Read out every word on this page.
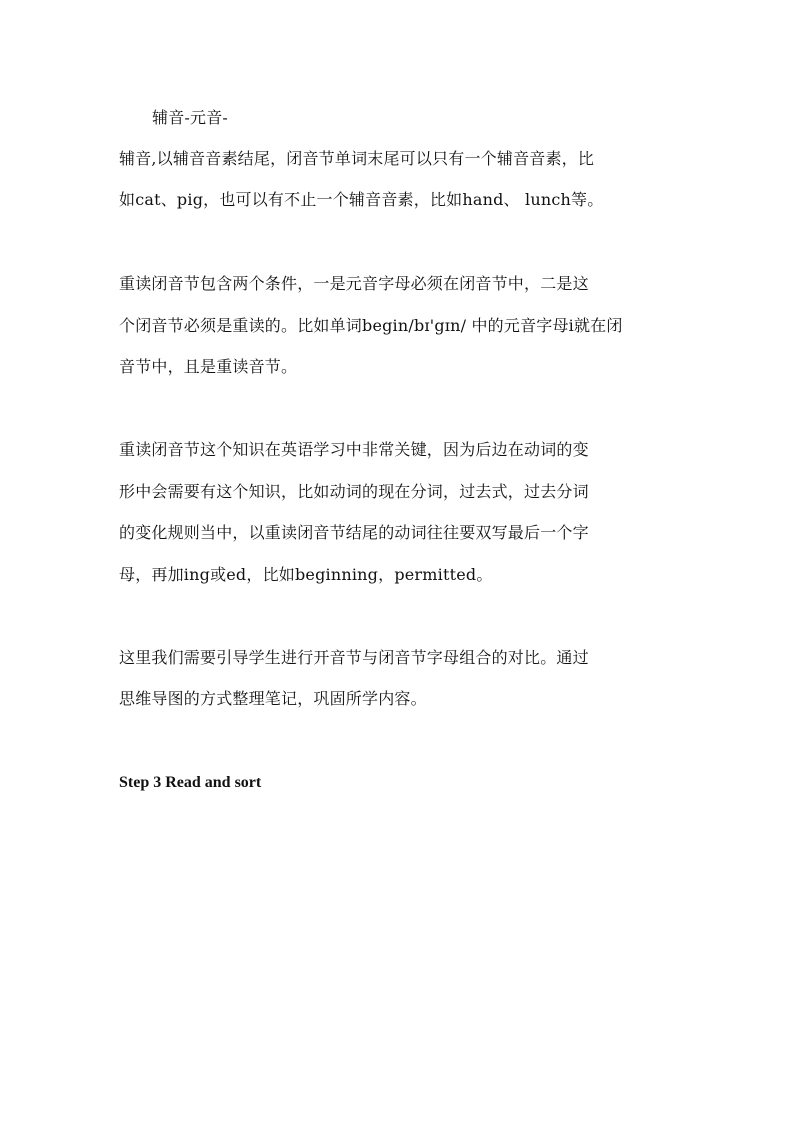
辅音-元音-
辅音,以辅音音素结尾，闭音节单词末尾可以只有一个辅音音素，比
如cat、pig，也可以有不止一个辅音音素，比如hand、 lunch等。
重读闭音节包含两个条件，一是元音字母必须在闭音节中，二是这
个闭音节必须是重读的。比如单词begin/bɪ'gɪn/ 中的元音字母i就在闭
音节中，且是重读音节。
重读闭音节这个知识在英语学习中非常关键，因为后边在动词的变
形中会需要有这个知识，比如动词的现在分词，过去式，过去分词
的变化规则当中，以重读闭音节结尾的动词往往要双写最后一个字
母，再加ing或ed，比如beginning，permitted。
这里我们需要引导学生进行开音节与闭音节字母组合的对比。通过
思维导图的方式整理笔记，巩固所学内容。
Step 3 Read and sort
